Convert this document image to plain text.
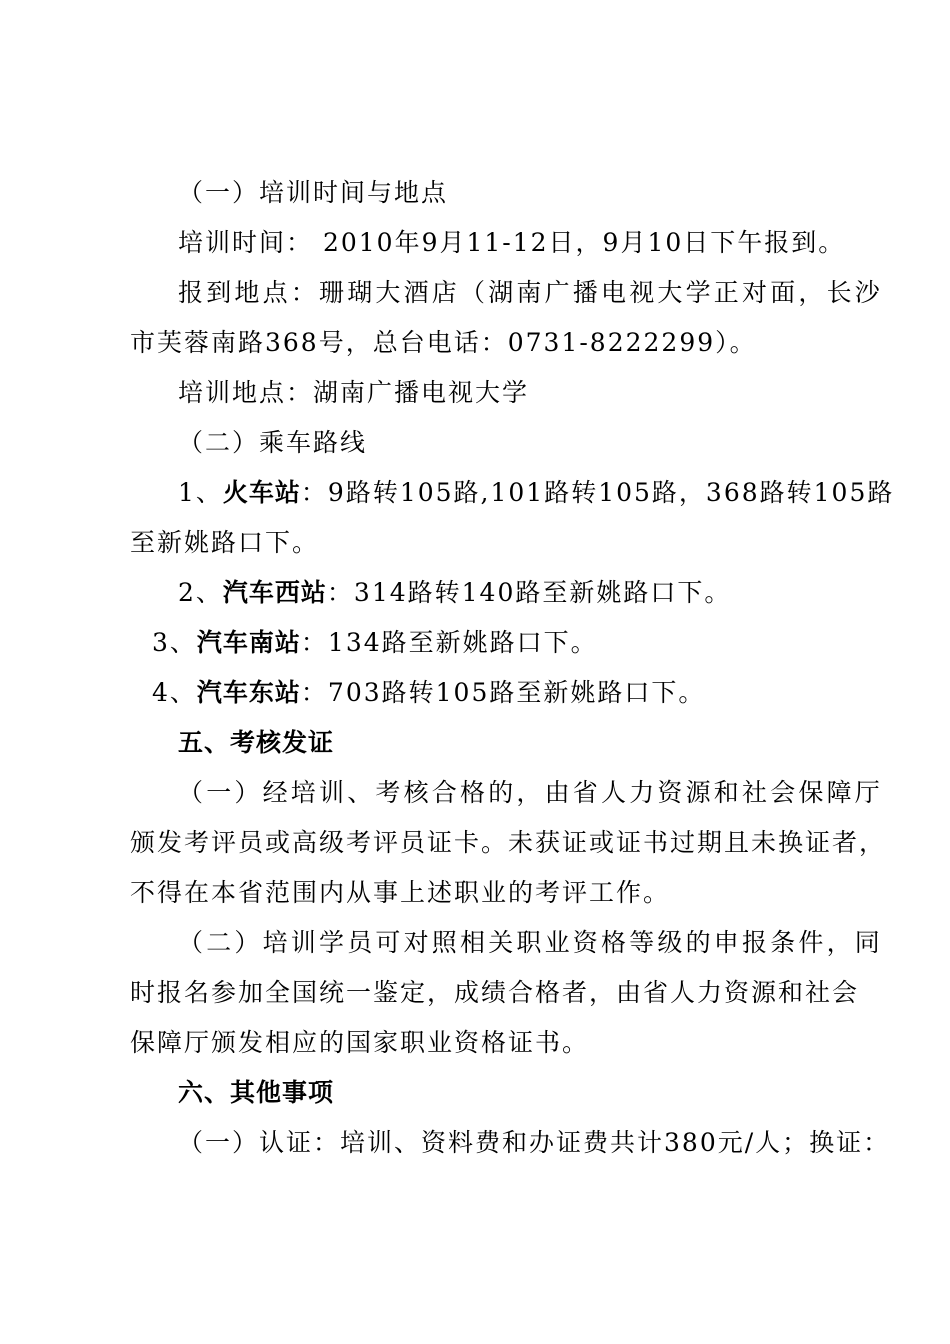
（一）培训时间与地点
培训时间： 2010年9月11-12日，9月10日下午报到。
报到地点：珊瑚大酒店（湖南广播电视大学正对面，长沙
市芙蓉南路368号，总台电话：0731-8222299）。
培训地点：湖南广播电视大学
（二）乘车路线
1、火车站：9路转105路,101路转105路，368路转105路
至新姚路口下。
2、汽车西站：314路转140路至新姚路口下。
3、汽车南站：134路至新姚路口下。
4、汽车东站：703路转105路至新姚路口下。
五、考核发证
（一）经培训、考核合格的，由省人力资源和社会保障厅
颁发考评员或高级考评员证卡。未获证或证书过期且未换证者，
不得在本省范围内从事上述职业的考评工作。
（二）培训学员可对照相关职业资格等级的申报条件，同
时报名参加全国统一鉴定，成绩合格者，由省人力资源和社会
保障厅颁发相应的国家职业资格证书。
六、其他事项
（一）认证：培训、资料费和办证费共计380元/人；换证：
